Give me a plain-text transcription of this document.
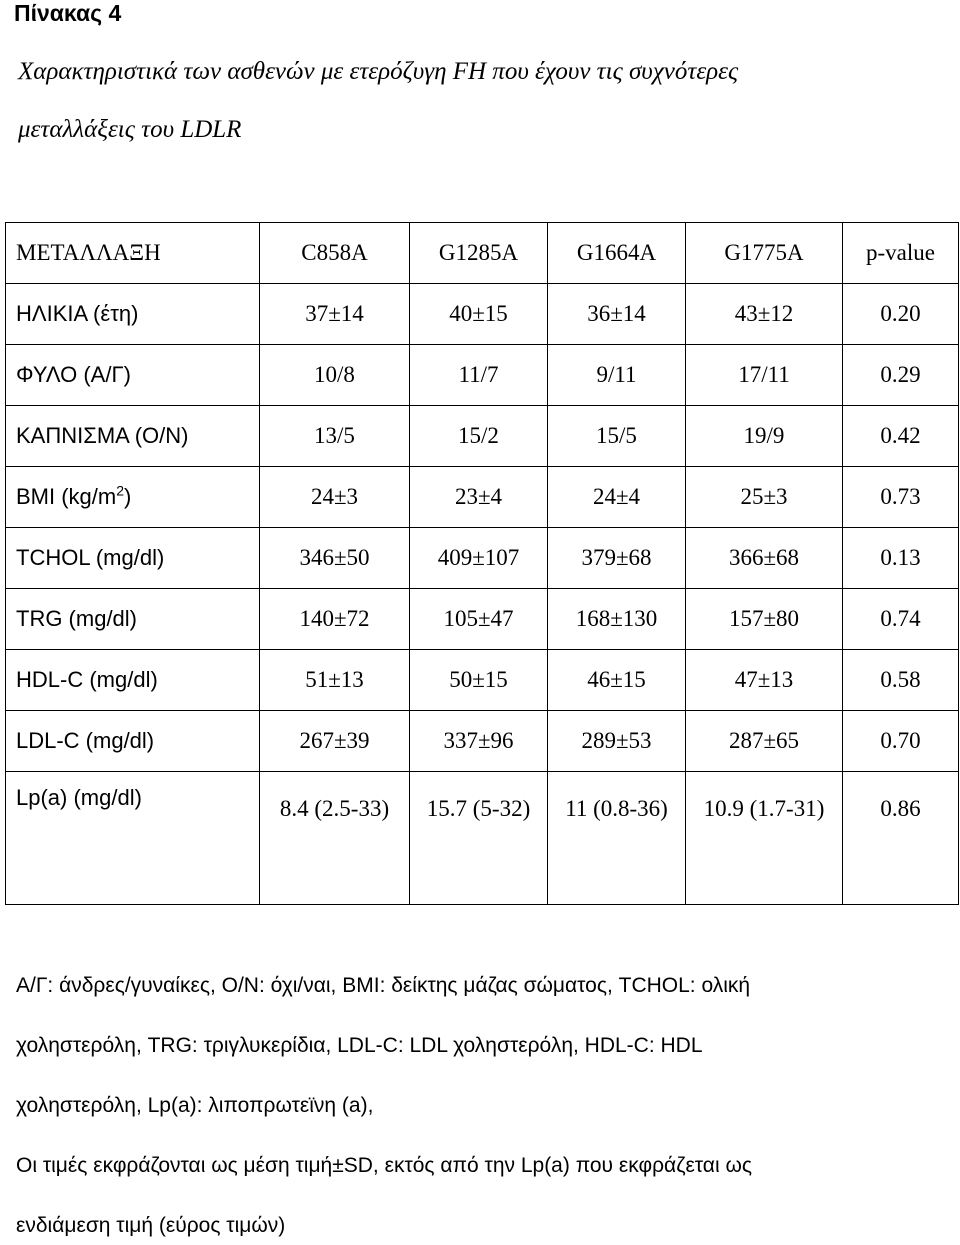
Πίνακας 4
Χαρακτηριστικά των ασθενών με ετερόζυγη FH που έχουν τις συχνότερες
μεταλλάξεις του LDLR
ΜΕΤΑΛΛΑΞΗ	C858A	G1285A	G1664A	G1775A	p-value
ΗΛΙΚΙΑ (έτη)	37±14	40±15	36±14	43±12	0.20
ΦΥΛΟ (Α/Γ)	10/8	11/7	9/11	17/11	0.29
ΚΑΠΝΙΣΜΑ (Ο/Ν)	13/5	15/2	15/5	19/9	0.42
BMI $(kg/m^2)$	24±3	23±4	24±4	25±3	0.73
TCHOL (mg/dl)	346±50	409±107	379±68	366±68	0.13
TRG (mg/dl)	140±72	105±47	168±130	157±80	0.74
HDL-C (mg/dl)	51±13	50±15	46±15	47±13	0.58
LDL-C (mg/dl)	267±39	337±96	289±53	287±65	0.70
Lp(a) (mg/dl)	8.4 (2.5-33)	15.7 (5-32)	11 (0.8-36)	10.9 (1.7-31)	0.86
Α/Γ: άνδρες/γυναίκες, Ο/Ν: όχι/ναι, BMI: δείκτης μάζας σώματος, TCHOL: ολική
χοληστερόλη, TRG: τριγλυκερίδια, LDL-C: LDL χοληστερόλη, HDL-C: HDL
χοληστερόλη, Lp(a): λιποπρωτεϊνη (a),
Οι τιμές εκφράζονται ως μέση τιμή±SD, εκτός από την Lp(a) που εκφράζεται ως
ενδιάμεση τιμή (εύρος τιμών)
